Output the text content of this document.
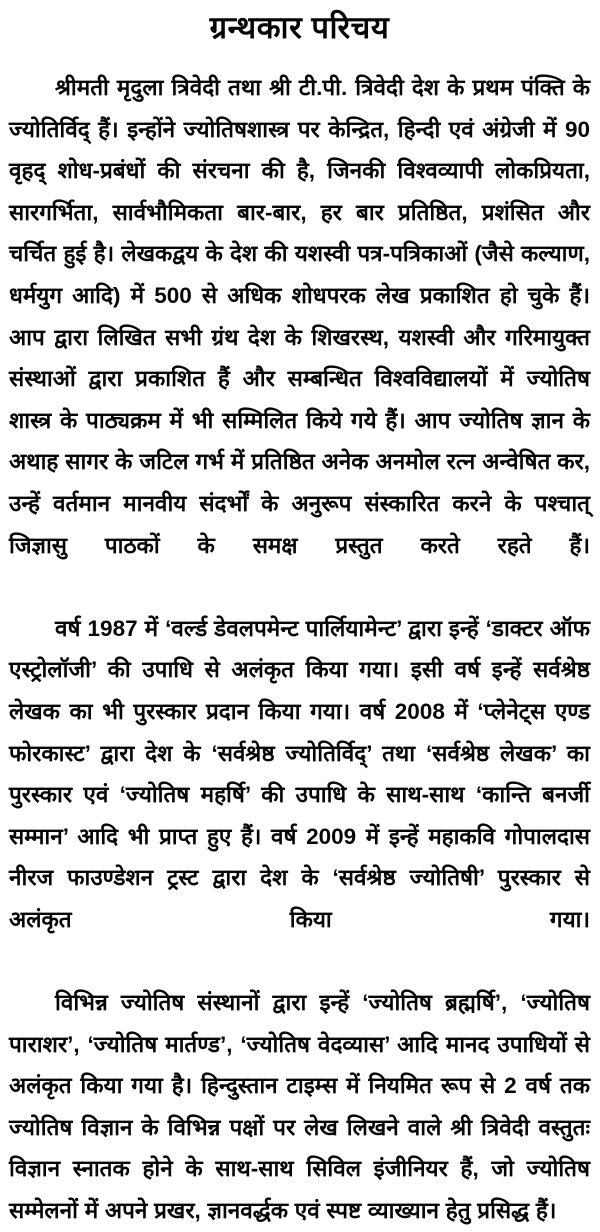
ग्रन्थकार परिचय

श्रीमती मृदुला त्रिवेदी तथा श्री टी.पी. त्रिवेदी देश के प्रथम पंक्ति के ज्योतिर्विद् हैं। इन्होंने ज्योतिषशास्त्र पर केन्द्रित, हिन्दी एवं अंग्रेजी में 90 वृहद् शोध-प्रबंधों की संरचना की है, जिनकी विश्वव्यापी लोकप्रियता, सारगर्भिता, सार्वभौमिकता बार-बार, हर बार प्रतिष्ठित, प्रशंसित और चर्चित हुई है। लेखकद्वय के देश की यशस्वी पत्र-पत्रिकाओं (जैसे कल्याण, धर्मयुग आदि) में 500 से अधिक शोधपरक लेख प्रकाशित हो चुके हैं। आप द्वारा लिखित सभी ग्रंथ देश के शिखरस्थ, यशस्वी और गरिमायुक्त संस्थाओं द्वारा प्रकाशित हैं और सम्बन्धित विश्वविद्यालयों में ज्योतिष शास्त्र के पाठ्यक्रम में भी सम्मिलित किये गये हैं। आप ज्योतिष ज्ञान के अथाह सागर के जटिल गर्भ में प्रतिष्ठित अनेक अनमोल रत्न अन्वेषित कर, उन्हें वर्तमान मानवीय संदर्भों के अनुरूप संस्कारित करने के पश्चात् जिज्ञासु पाठकों के समक्ष प्रस्तुत करते रहते हैं।

वर्ष 1987 में ‘वर्ल्ड डेवलपमेन्ट पार्लियामेन्ट’ द्वारा इन्हें ‘डाक्टर ऑफ एस्ट्रोलॉजी’ की उपाधि से अलंकृत किया गया। इसी वर्ष इन्हें सर्वश्रेष्ठ लेखक का भी पुरस्कार प्रदान किया गया। वर्ष 2008 में ‘प्लेनेट्स एण्ड फोरकास्ट’ द्वारा देश के ‘सर्वश्रेष्ठ ज्योतिर्विद्’ तथा ‘सर्वश्रेष्ठ लेखक’ का पुरस्कार एवं ‘ज्योतिष महर्षि’ की उपाधि के साथ-साथ ‘कान्ति बनर्जी सम्मान’ आदि भी प्राप्त हुए हैं। वर्ष 2009 में इन्हें महाकवि गोपालदास नीरज फाउण्डेशन ट्रस्ट द्वारा देश के ‘सर्वश्रेष्ठ ज्योतिषी’ पुरस्कार से अलंकृत किया गया।

विभिन्न ज्योतिष संस्थानों द्वारा इन्हें ‘ज्योतिष ब्रह्मर्षि’, ‘ज्योतिष पाराशर’, ‘ज्योतिष मार्तण्ड’, ‘ज्योतिष वेदव्यास’ आदि मानद उपाधियों से अलंकृत किया गया है। हिन्दुस्तान टाइम्स में नियमित रूप से 2 वर्ष तक ज्योतिष विज्ञान के विभिन्न पक्षों पर लेख लिखने वाले श्री त्रिवेदी वस्तुतः विज्ञान स्नातक होने के साथ-साथ सिविल इंजीनियर हैं, जो ज्योतिष सम्मेलनों में अपने प्रखर, ज्ञानवर्द्धक एवं स्पष्ट व्याख्यान हेतु प्रसिद्ध हैं।
